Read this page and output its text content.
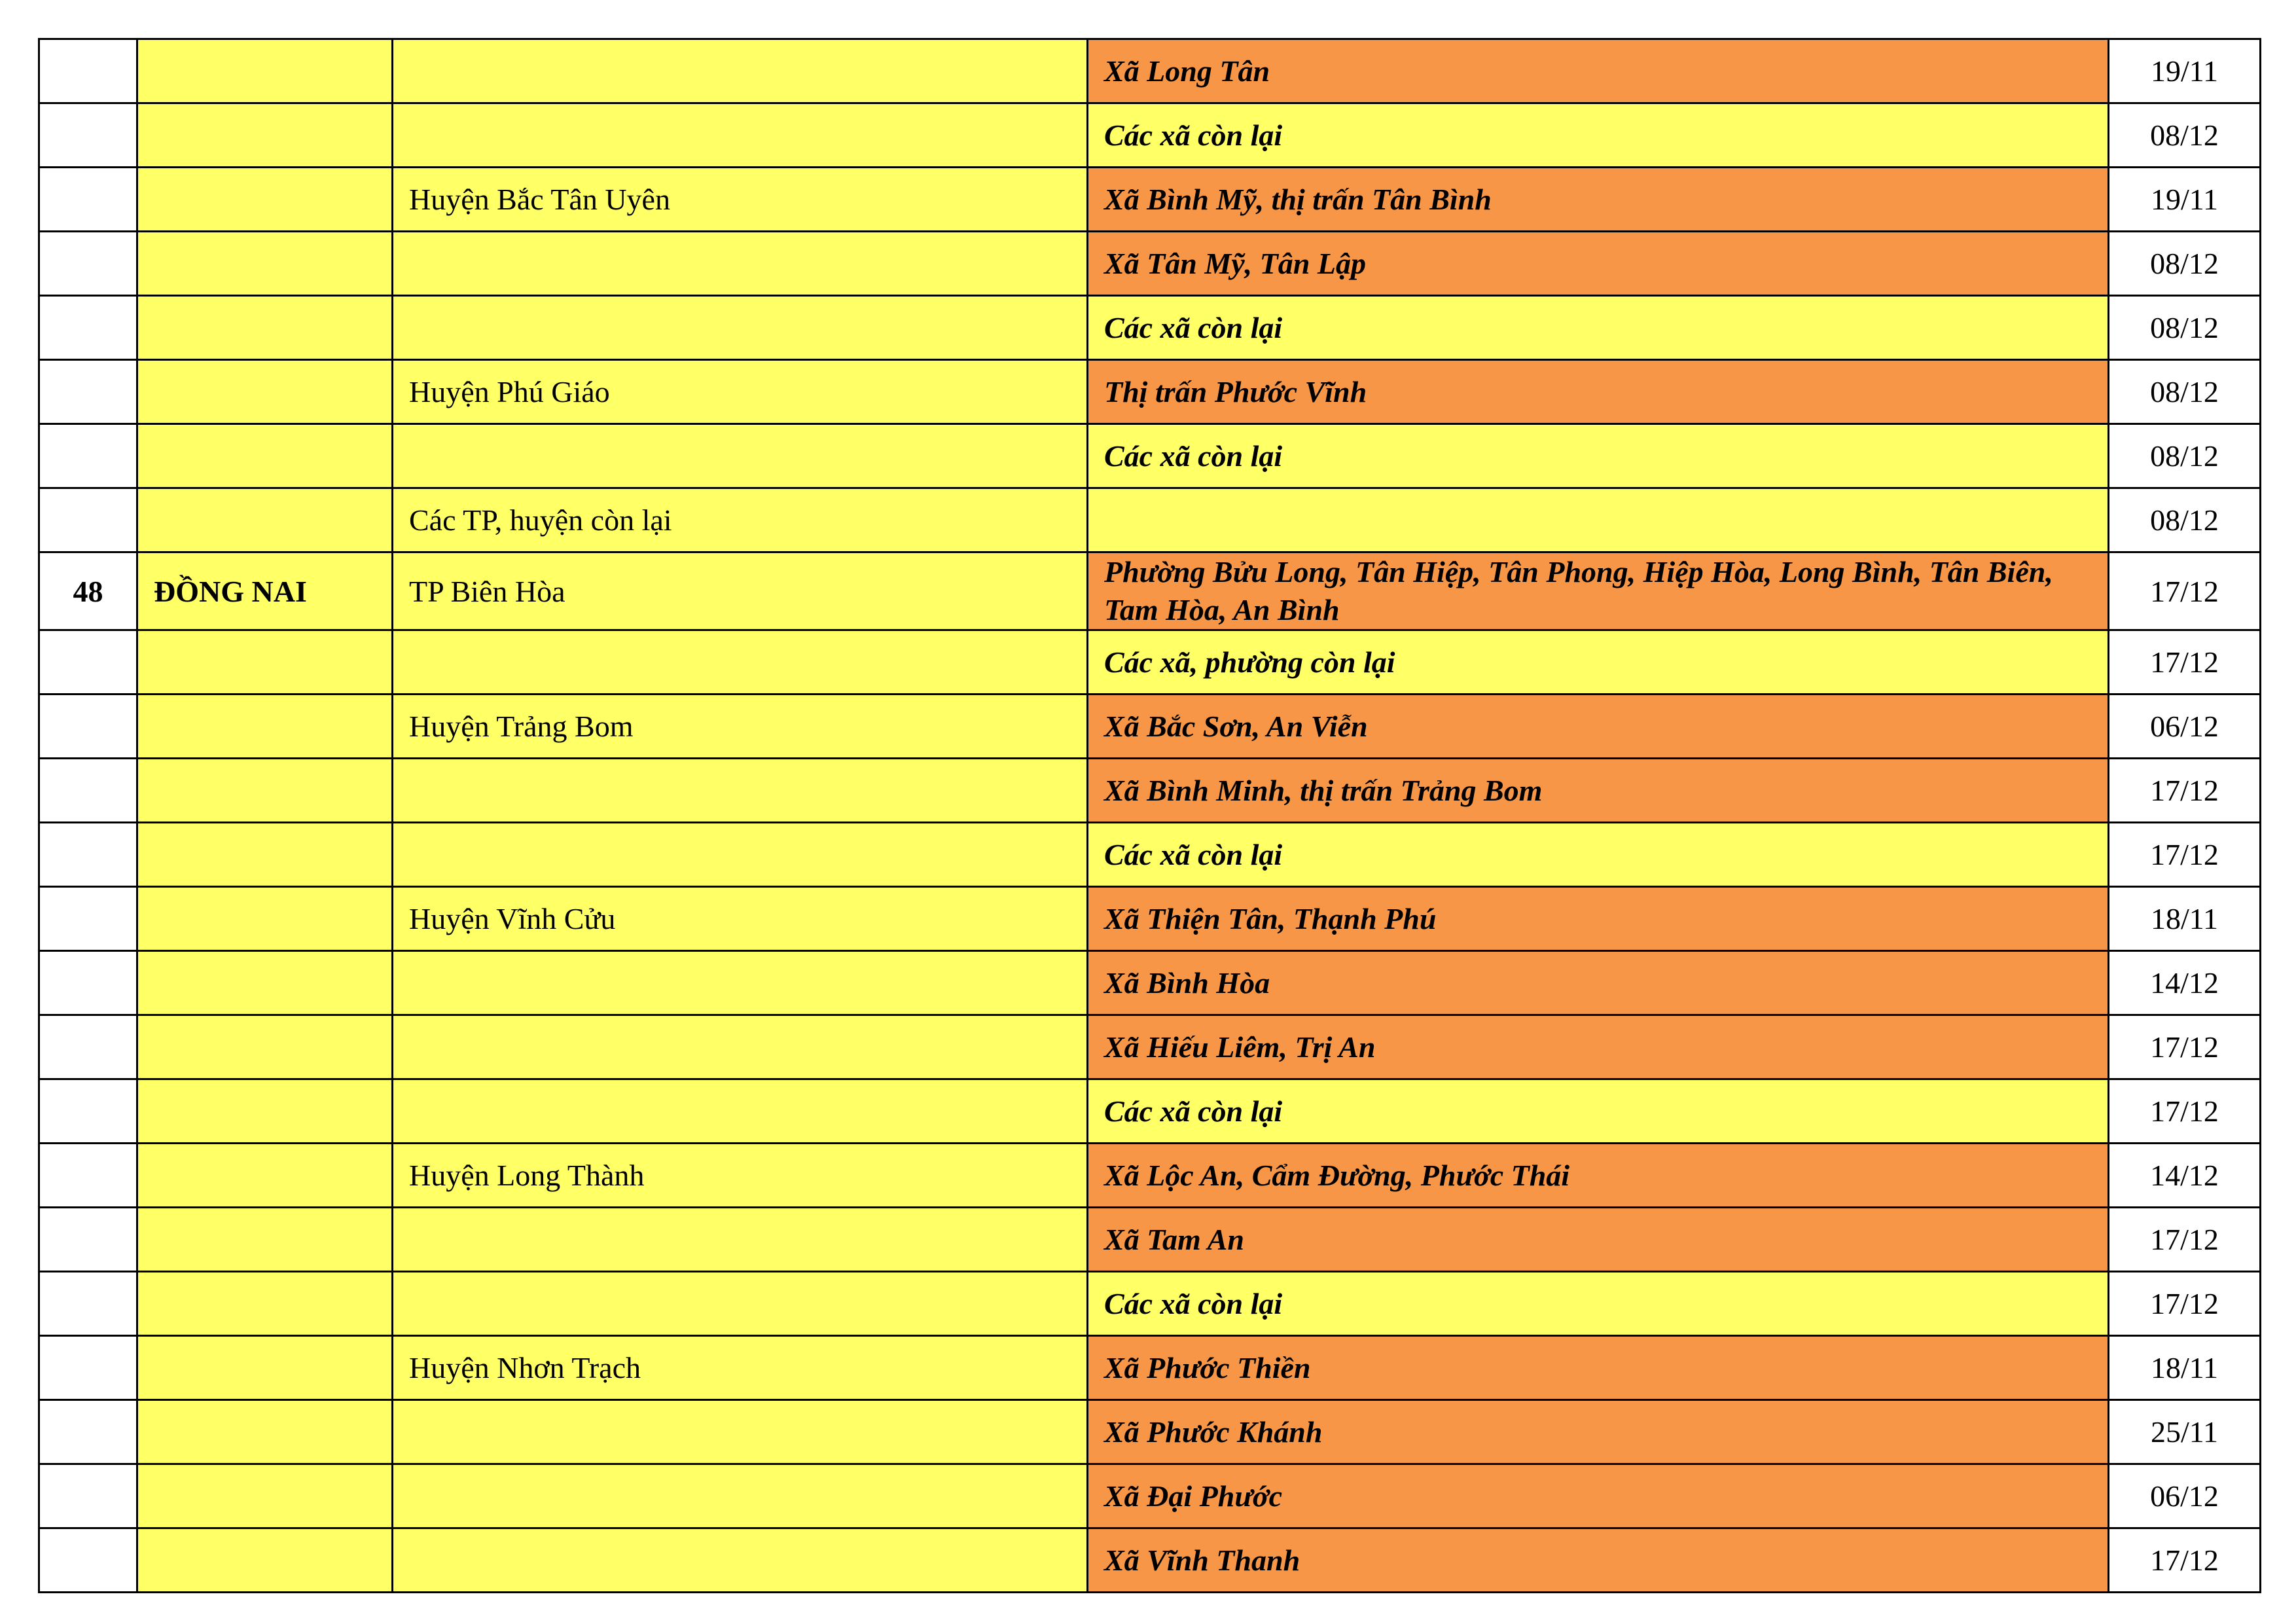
			Xã Long Tân	19/11
			Các xã còn lại	08/12
		Huyện Bắc Tân Uyên	Xã Bình Mỹ, thị trấn Tân Bình	19/11
			Xã Tân Mỹ, Tân Lập	08/12
			Các xã còn lại	08/12
		Huyện Phú Giáo	Thị trấn Phước Vĩnh	08/12
			Các xã còn lại	08/12
		Các TP, huyện còn lại		08/12
48	ĐỒNG NAI	TP Biên Hòa	Phường Bửu Long, Tân Hiệp, Tân Phong, Hiệp Hòa, Long Bình, Tân Biên, Tam Hòa, An Bình	17/12
			Các xã, phường còn lại	17/12
		Huyện Trảng Bom	Xã Bắc Sơn, An Viễn	06/12
			Xã Bình Minh, thị trấn Trảng Bom	17/12
			Các xã còn lại	17/12
		Huyện Vĩnh Cửu	Xã Thiện Tân, Thạnh Phú	18/11
			Xã Bình Hòa	14/12
			Xã Hiếu Liêm, Trị An	17/12
			Các xã còn lại	17/12
		Huyện Long Thành	Xã Lộc An, Cẩm Đường, Phước Thái	14/12
			Xã Tam An	17/12
			Các xã còn lại	17/12
		Huyện Nhơn Trạch	Xã Phước Thiền	18/11
			Xã Phước Khánh	25/11
			Xã Đại Phước	06/12
			Xã Vĩnh Thanh	17/12
